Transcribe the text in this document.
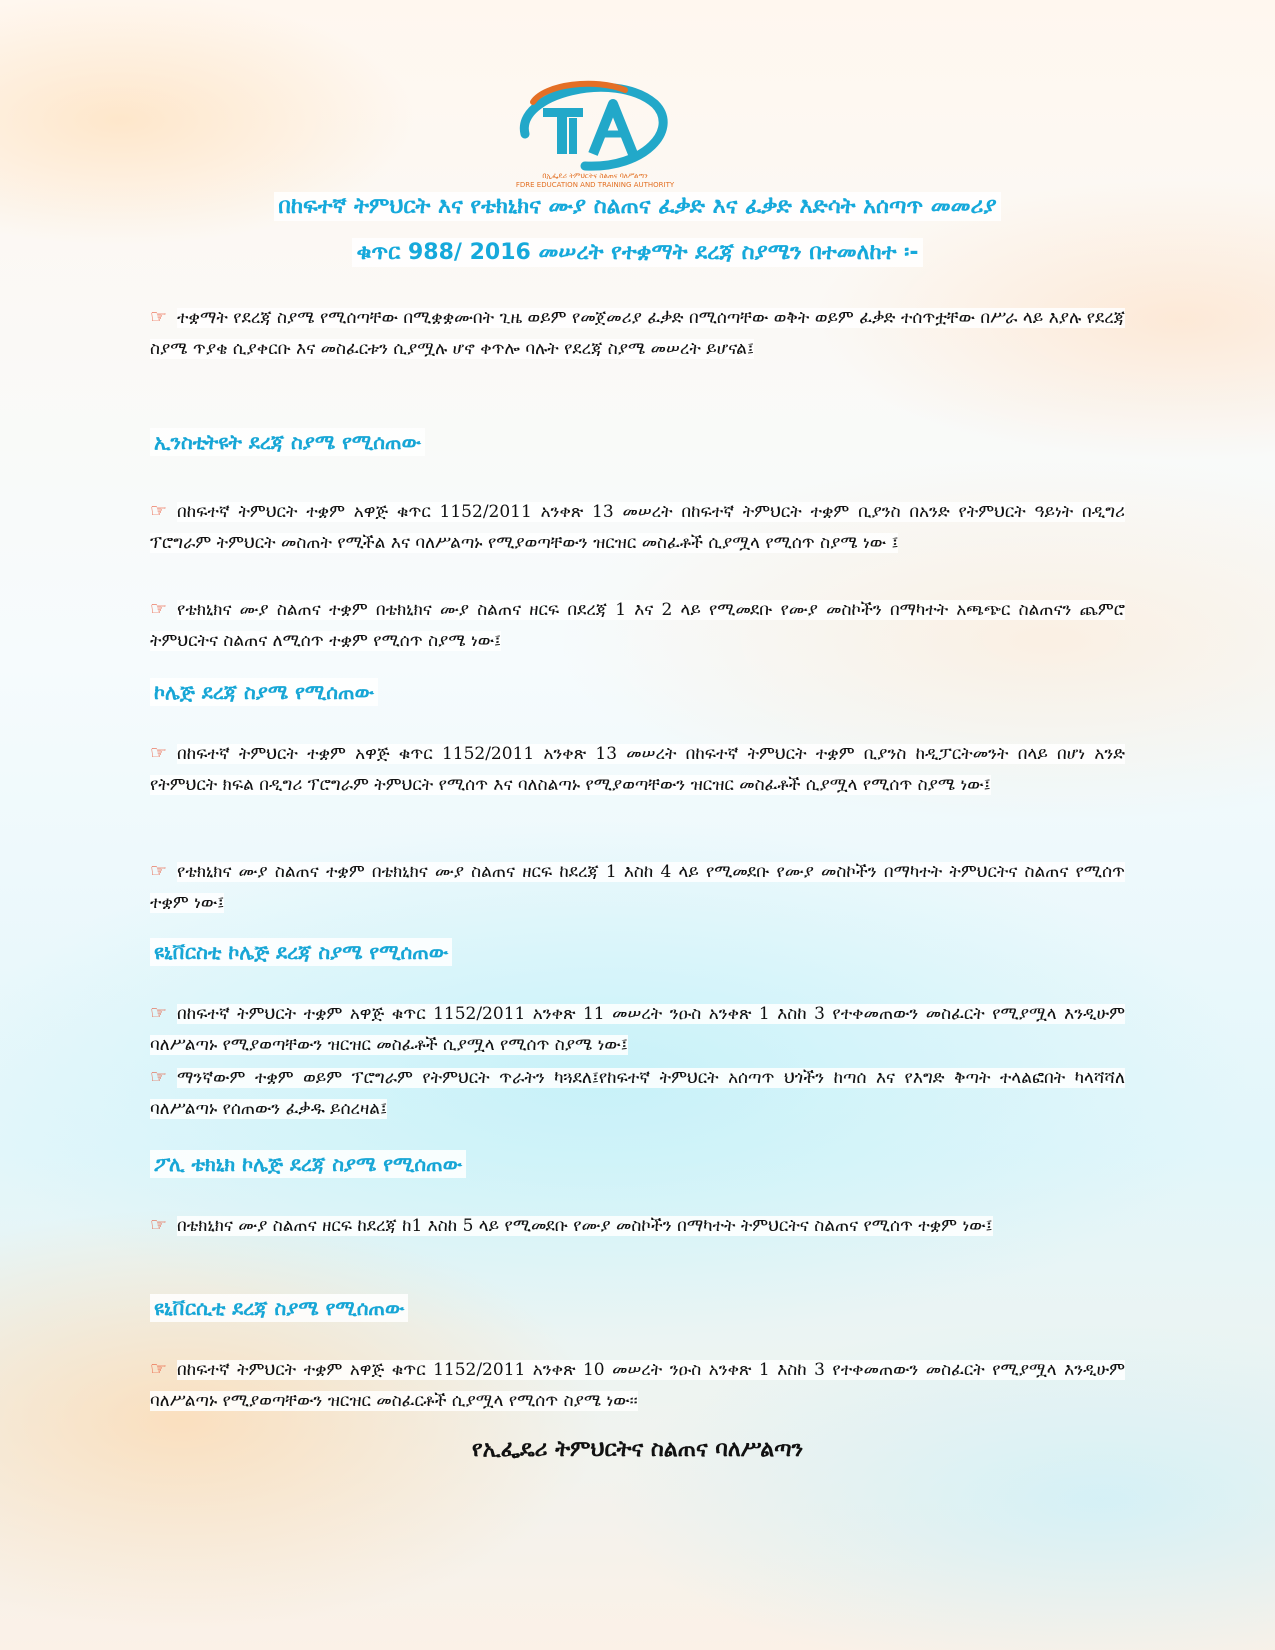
በኢፌዴሪ ትምህርትና ስልጠና ባለሥልጣን
FDRE EDUCATION AND TRAINING AUTHORITY
በከፍተኛ ትምህርት እና የቴክኒክና ሙያ ስልጠና ፈቃድ እና ፈቃድ እድሳት አሰጣጥ መመሪያ
ቁጥር 988/ 2016 መሠረት የተቋማት ደረጃ ስያሜን በተመለከተ ፡-
☞ ተቋማት የደረጃ ስያሜ የሚሰጣቸው በሚቋቋሙበት ጊዜ ወይም የመጀመሪያ ፈቃድ በሚሰጣቸው ወቅት ወይም ፈቃድ ተሰጥቷቸው በሥራ ላይ እያሉ የደረጃ ስያሜ ጥያቄ ሲያቀርቡ እና መስፈርቱን ሲያሟሉ ሆኖ ቀጥሎ ባሉት የደረጃ ስያሜ መሠረት ይሆናል፤
ኢንስቲትዩት ደረጃ ስያሜ የሚሰጠው
☞ በከፍተኛ ትምህርት ተቋም አዋጅ ቁጥር 1152/2011 አንቀጽ 13 መሠረት በከፍተኛ ትምህርት ተቋም ቢያንስ በአንድ የትምህርት ዓይነት በዲግሪ ፕሮግራም ትምህርት መስጠት የሚችል እና ባለሥልጣኑ የሚያወጣቸውን ዝርዝር መስፈቶች ሲያሟላ የሚሰጥ ስያሜ ነው ፤
☞ የቴክኒክና ሙያ ስልጠና ተቋም በቴክኒክና ሙያ ስልጠና ዘርፍ በደረጃ 1 እና 2 ላይ የሚመደቡ የሙያ መስኮችን በማካተት አጫጭር ስልጠናን ጨምሮ ትምህርትና ስልጠና ለሚሰጥ ተቋም የሚሰጥ ስያሜ ነው፤
ኮሌጅ ደረጃ ስያሜ የሚሰጠው
☞ በከፍተኛ ትምህርት ተቋም አዋጅ ቁጥር 1152/2011 አንቀጽ 13 መሠረት በከፍተኛ ትምህርት ተቋም ቢያንስ ከዲፓርትመንት በላይ በሆነ አንድ የትምህርት ክፍል በዲግሪ ፕሮግራም ትምህርት የሚሰጥ እና ባለስልጣኑ የሚያወጣቸውን ዝርዝር መስፈቶች ሲያሟላ የሚሰጥ ስያሜ ነው፤
☞ የቴክኒክና ሙያ ስልጠና ተቋም በቴክኒክና ሙያ ስልጠና ዘርፍ ከደረጃ 1 እስከ 4 ላይ የሚመደቡ የሙያ መስኮችን በማካተት ትምህርትና ስልጠና የሚሰጥ ተቋም ነው፤
ዩኒቨርስቲ ኮሌጅ ደረጃ ስያሜ የሚሰጠው
☞ በከፍተኛ ትምህርት ተቋም አዋጅ ቁጥር 1152/2011 አንቀጽ 11 መሠረት ንዑስ አንቀጽ 1 እስከ 3 የተቀመጠውን መስፈርት የሚያሟላ እንዲሁም ባለሥልጣኑ የሚያወጣቸውን ዝርዝር መስፈቶች ሲያሟላ የሚሰጥ ስያሜ ነው፤
☞ ማንኛውም ተቋም ወይም ፕሮግራም የትምህርት ጥራትን ካጓደለ፤የከፍተኛ ትምህርት አሰጣጥ ህጎችን ከጣሰ እና የእግድ ቅጣት ተላልፎበት ካላሻሻለ ባለሥልጣኑ የሰጠውን ፈቃዱ ይሰረዛል፤
ፖሊ ቴክኒክ ኮሌጅ ደረጃ ስያሜ የሚሰጠው
☞ በቴክኒክና ሙያ ስልጠና ዘርፍ ከደረጃ ከ1 እስከ 5 ላይ የሚመደቡ የሙያ መስኮችን በማካተት ትምህርትና ስልጠና የሚሰጥ ተቋም ነው፤
ዩኒቨርሲቲ ደረጃ ስያሜ የሚሰጠው
☞ በከፍተኛ ትምህርት ተቋም አዋጅ ቁጥር 1152/2011 አንቀጽ 10 መሠረት ንዑስ አንቀጽ 1 እስከ 3 የተቀመጠውን መስፈርት የሚያሟላ እንዲሁም ባለሥልጣኑ የሚያወጣቸውን ዝርዝር መስፈርቶች ሲያሟላ የሚሰጥ ስያሜ ነው፡፡
የኢፌዴሪ ትምህርትና ስልጠና ባለሥልጣን
